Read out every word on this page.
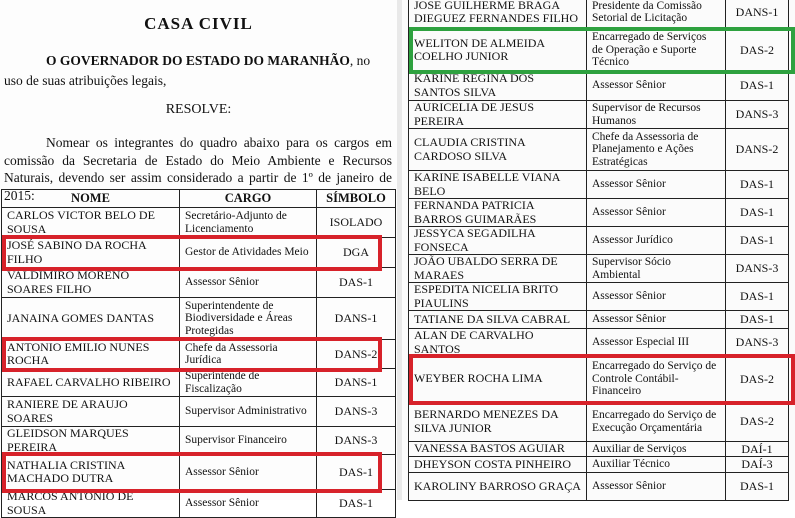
CASA CIVIL
O GOVERNADOR DO ESTADO DO MARANHÃO, no uso de suas atribuições legais,
RESOLVE:
Nomear os integrantes do quadro abaixo para os cargos em comissão da Secretaria de Estado do Meio Ambiente e Recursos Naturais, devendo ser assim considerado a partir de 1º de janeiro de 2015:	NOME	CARGO	SÍMBOLO
CARLOS VICTOR BELO DE SOUSA	Secretário-Adjunto de Licenciamento	ISOLADO
JOSÉ SABINO DA ROCHA FILHO	Gestor de Atividades Meio	DGA
VALDIMIRO MORENO SOARES FILHO	Assessor Sênior	DAS-1
JANAINA GOMES DANTAS	Superintendente de Biodiversidade e Áreas Protegidas	DANS-1
ANTONIO EMILIO NUNES ROCHA	Chefe da Assessoria Jurídica	DANS-2
RAFAEL CARVALHO RIBEIRO	Superintende de Fiscalização	DANS-1
RANIERE DE ARAUJO SOARES	Supervisor Administrativo	DANS-3
GLEIDSON MARQUES PEREIRA	Supervisor Financeiro	DANS-3
NATHALIA CRISTINA MACHADO DUTRA	Assessor Sênior	DAS-1
MARCOS ANTONIO DE SOUSA	Assessor Sênior	DAS-1
JOSE GUILHERME BRAGA DIEGUEZ FERNANDES FILHO	Presidente da Comissão Setorial de Licitação	DANS-1
WELITON DE ALMEIDA COELHO JUNIOR	Encarregado de Serviços de Operação e Suporte Técnico	DAS-2
KARINE REGINA DOS SANTOS SILVA	Assessor Sênior	DAS-1
AURICELIA DE JESUS PEREIRA	Supervisor de Recursos Humanos	DANS-3
CLAUDIA CRISTINA CARDOSO SILVA	Chefe da Assessoria de Planejamento e Ações Estratégicas	DANS-2
KARINE ISABELLE VIANA BELO	Assessor Sênior	DAS-1
FERNANDA PATRICIA BARROS GUIMARÃES	Assessor Sênior	DAS-1
JESSYCA SEGADILHA FONSECA	Assessor Jurídico	DAS-1
JOÃO UBALDO SERRA DE MARAES	Supervisor Sócio Ambiental	DANS-3
ESPEDITA NICELIA BRITO PIAULINS	Assessor Sênior	DAS-1
TATIANE DA SILVA CABRAL	Assessor Sênior	DAS-1
ALAN DE CARVALHO SANTOS	Assessor Especial III	DANS-3
WEYBER ROCHA LIMA	Encarregado do Serviço de Controle Contábil-Financeiro	DAS-2
BERNARDO MENEZES DA SILVA JUNIOR	Encarregado do Serviço de Execução Orçamentária	DAS-2
VANESSA BASTOS AGUIAR	Auxiliar de Serviços	DAÍ-1
DHEYSON COSTA PINHEIRO	Auxiliar Técnico	DAÍ-3
KAROLINY BARROSO GRAÇA	Assessor Sênior	DAS-1
